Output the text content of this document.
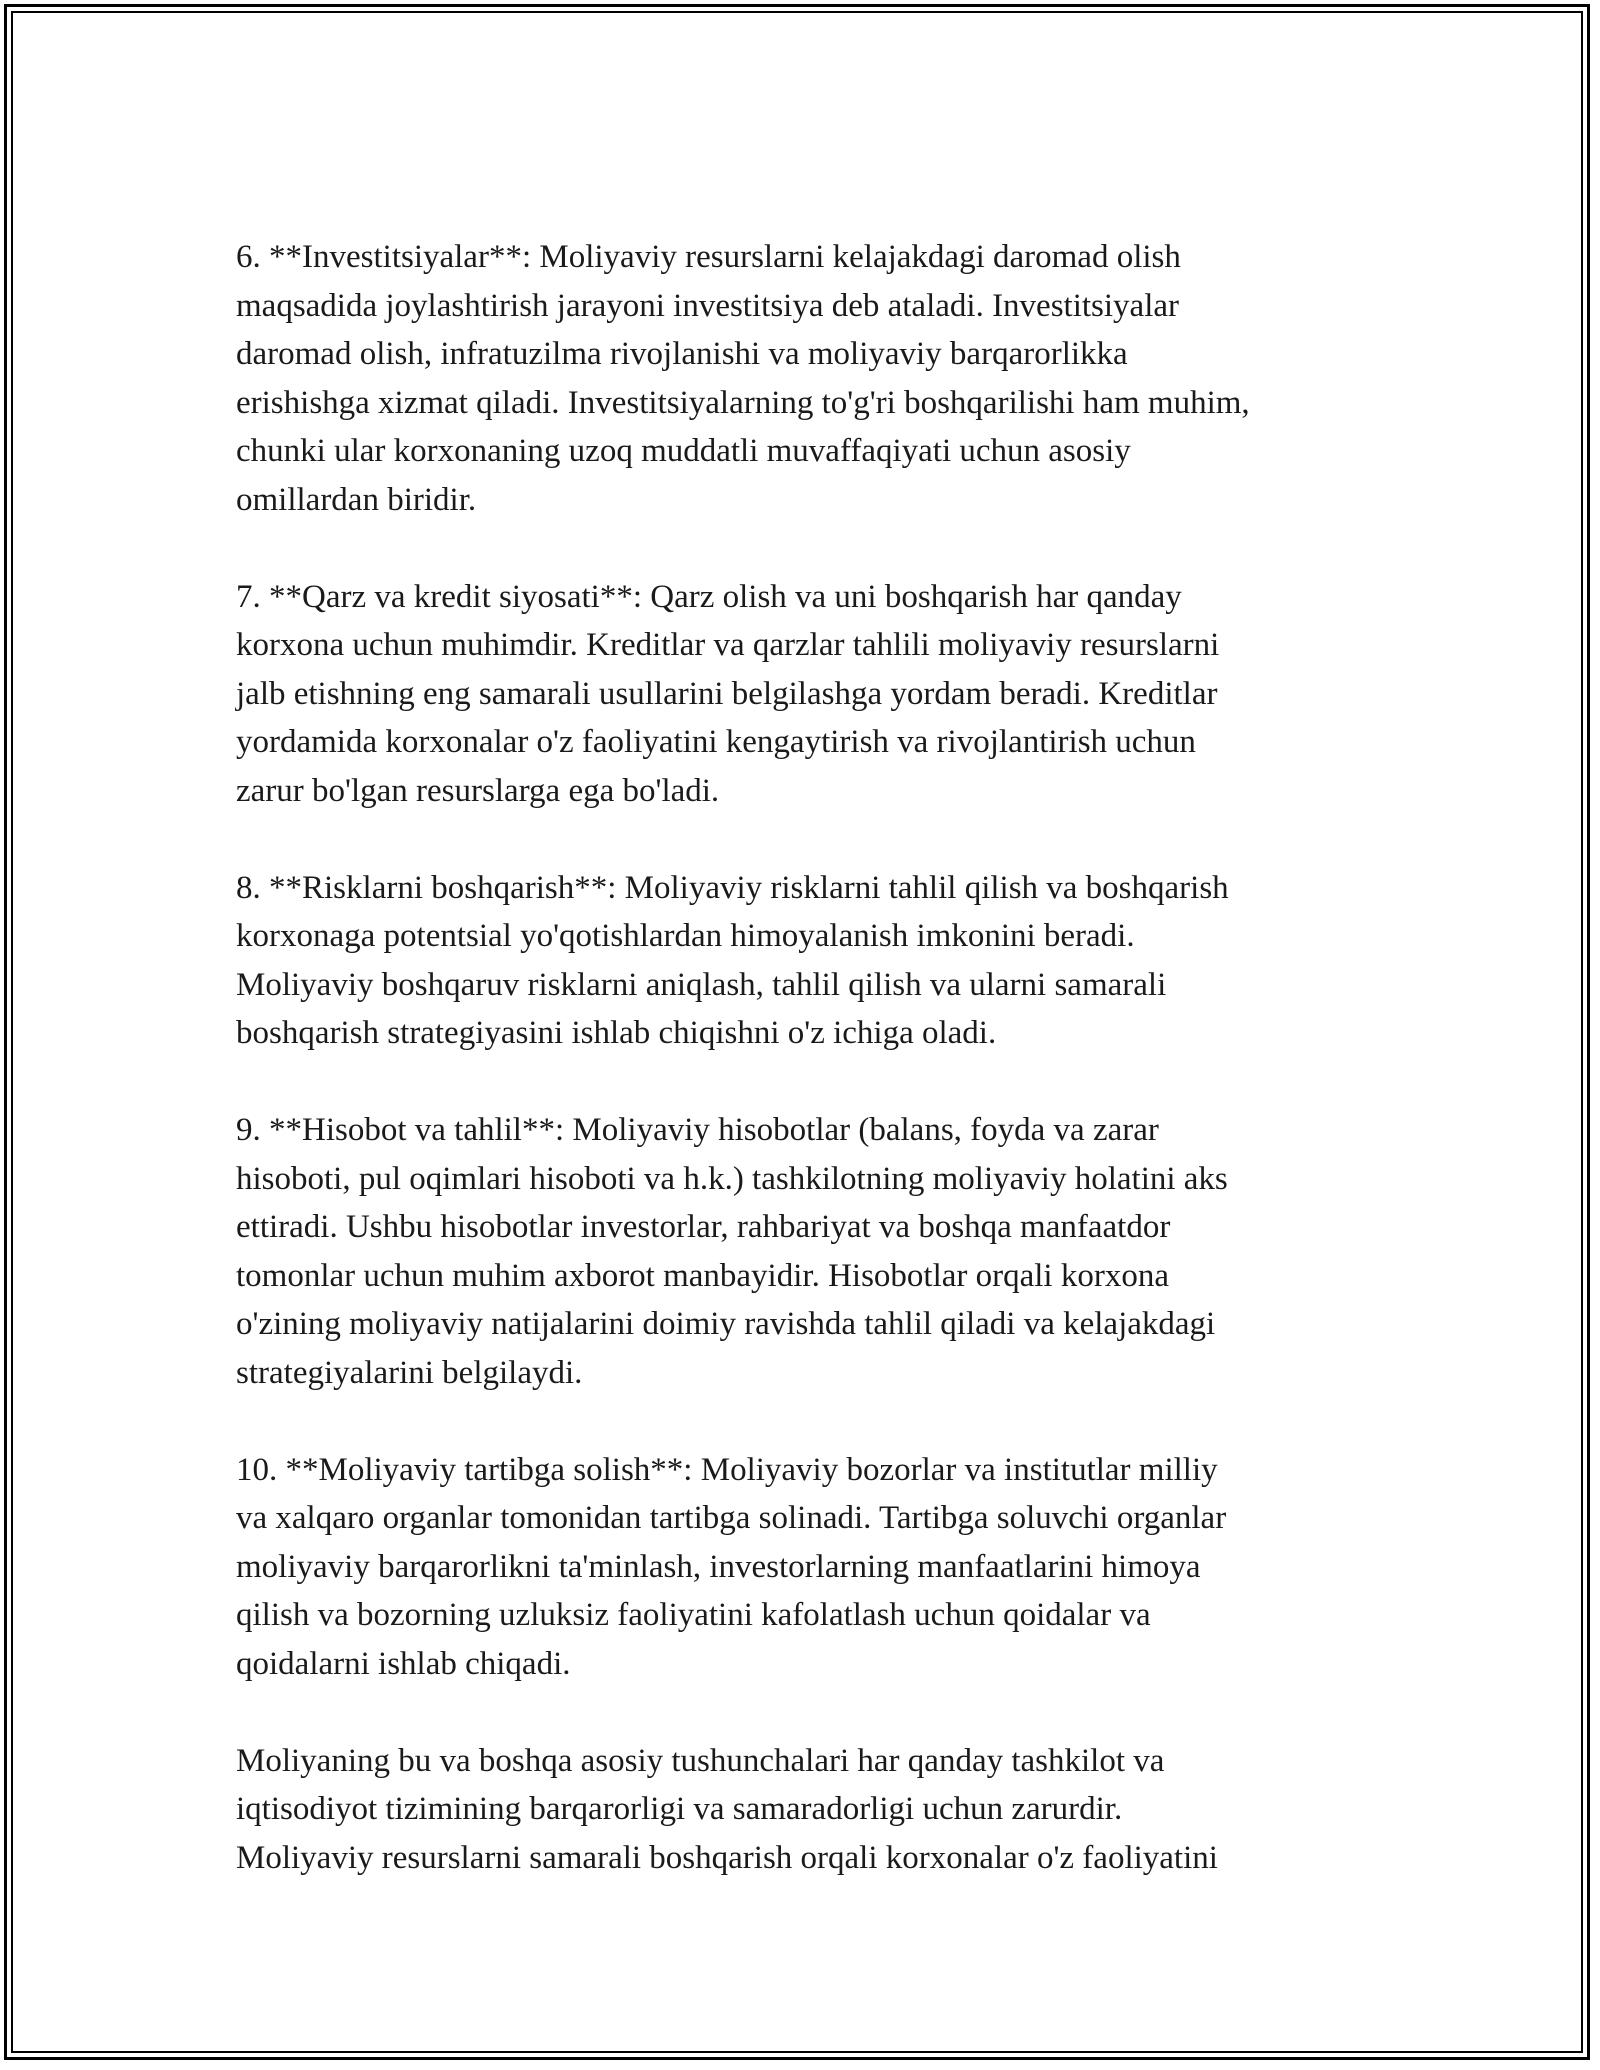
6. **Investitsiyalar**: Moliyaviy resurslarni kelajakdagi daromad olish
maqsadida joylashtirish jarayoni investitsiya deb ataladi. Investitsiyalar
daromad olish, infratuzilma rivojlanishi va moliyaviy barqarorlikka
erishishga xizmat qiladi. Investitsiyalarning to'g'ri boshqarilishi ham muhim,
chunki ular korxonaning uzoq muddatli muvaffaqiyati uchun asosiy
omillardan biridir.

7. **Qarz va kredit siyosati**: Qarz olish va uni boshqarish har qanday
korxona uchun muhimdir. Kreditlar va qarzlar tahlili moliyaviy resurslarni
jalb etishning eng samarali usullarini belgilashga yordam beradi. Kreditlar
yordamida korxonalar o'z faoliyatini kengaytirish va rivojlantirish uchun
zarur bo'lgan resurslarga ega bo'ladi.

8. **Risklarni boshqarish**: Moliyaviy risklarni tahlil qilish va boshqarish
korxonaga potentsial yo'qotishlardan himoyalanish imkonini beradi.
Moliyaviy boshqaruv risklarni aniqlash, tahlil qilish va ularni samarali
boshqarish strategiyasini ishlab chiqishni o'z ichiga oladi.

9. **Hisobot va tahlil**: Moliyaviy hisobotlar (balans, foyda va zarar
hisoboti, pul oqimlari hisoboti va h.k.) tashkilotning moliyaviy holatini aks
ettiradi. Ushbu hisobotlar investorlar, rahbariyat va boshqa manfaatdor
tomonlar uchun muhim axborot manbayidir. Hisobotlar orqali korxona
o'zining moliyaviy natijalarini doimiy ravishda tahlil qiladi va kelajakdagi
strategiyalarini belgilaydi.

10. **Moliyaviy tartibga solish**: Moliyaviy bozorlar va institutlar milliy
va xalqaro organlar tomonidan tartibga solinadi. Tartibga soluvchi organlar
moliyaviy barqarorlikni ta'minlash, investorlarning manfaatlarini himoya
qilish va bozorning uzluksiz faoliyatini kafolatlash uchun qoidalar va
qoidalarni ishlab chiqadi.

Moliyaning bu va boshqa asosiy tushunchalari har qanday tashkilot va
iqtisodiyot tizimining barqarorligi va samaradorligi uchun zarurdir.
Moliyaviy resurslarni samarali boshqarish orqali korxonalar o'z faoliyatini
